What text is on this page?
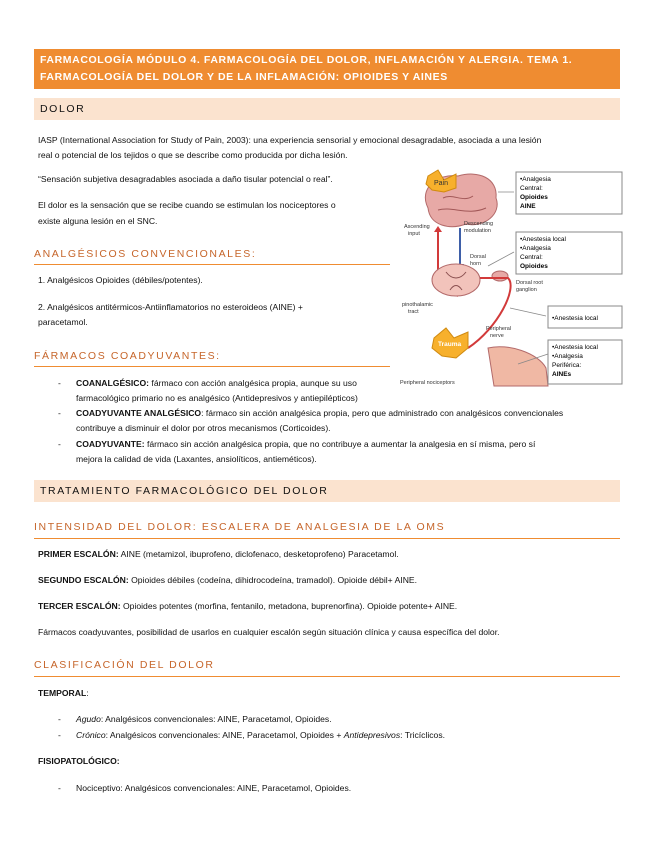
FARMACOLOGÍA MÓDULO 4. FARMACOLOGÍA DEL DOLOR, INFLAMACIÓN Y ALERGIA. TEMA 1.
FARMACOLOGÍA DEL DOLOR Y DE LA INFLAMACIÓN: OPIOIDES Y AINES
DOLOR
IASP (International Association for Study of Pain, 2003): una experiencia sensorial y emocional desagradable, asociada a una lesión
real o potencial de los tejidos o que se describe como producida por dicha lesión.
“Sensación subjetiva desagradables asociada a daño tisular potencial o real”.
El dolor es la sensación que se recibe cuando se estimulan los nociceptores o
existe alguna lesión en el SNC.
ANALGÉSICOS CONVENCIONALES:
1. Analgésicos Opioides (débiles/potentes).
2. Analgésicos antitérmicos-Antiinflamatorios no esteroideos (AINE) +
paracetamol.
FÁRMACOS COADYUVANTES:
- COANALGÉSICO: fármaco con acción analgésica propia, aunque su uso
farmacológico primario no es analgésico (Antidepresivos y antiepilépticos)
- COADYUVANTE ANALGÉSICO: fármaco sin acción analgésica propia, pero que administrado con analgésicos convencionales
contribuye a disminuir el dolor por otros mecanismos (Corticoides).
- COADYUVANTE: fármaco sin acción analgésica propia, que no contribuye a aumentar la analgesia en sí misma, pero sí
mejora la calidad de vida (Laxantes, ansiolíticos, antieméticos).
Pain
Ascending
input
Descending
modulation
Dorsal
horn
Dorsal root
ganglion
pinothalamic
tract
Peripheral
nerve
Trauma
Peripheral nociceptors
•Analgesia
Central:
Opioides
AINE
•Anestesia local
•Analgesia
Central:
Opioides
•Anestesia local
•Anestesia local
•Analgesia
Periférica:
AINEs
TRATAMIENTO FARMACOLÓGICO DEL DOLOR
INTENSIDAD DEL DOLOR: ESCALERA DE ANALGESIA DE LA OMS
PRIMER ESCALÓN: AINE (metamizol, ibuprofeno, diclofenaco, desketoprofeno) Paracetamol.
SEGUNDO ESCALÓN: Opioides débiles (codeína, dihidrocodeína, tramadol). Opioide débil+ AINE.
TERCER ESCALÓN: Opioides potentes (morfina, fentanilo, metadona, buprenorfina). Opioide potente+ AINE.
Fármacos coadyuvantes, posibilidad de usarlos en cualquier escalón según situación clínica y causa específica del dolor.
CLASIFICACIÓN DEL DOLOR
TEMPORAL:
- Agudo: Analgésicos convencionales: AINE, Paracetamol, Opioides.
- Crónico: Analgésicos convencionales: AINE, Paracetamol, Opioides + Antidepresivos: Tricíclicos.
FISIOPATOLÓGICO:
- Nociceptivo: Analgésicos convencionales: AINE, Paracetamol, Opioides.
